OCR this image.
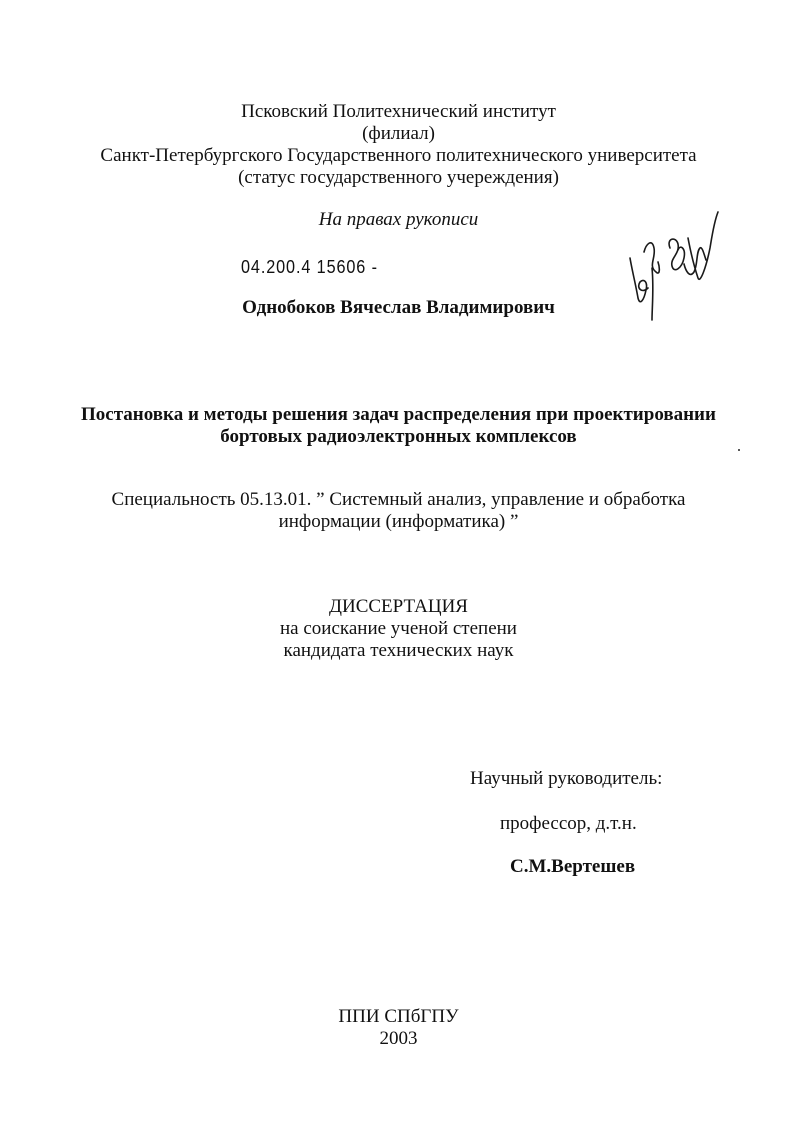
Псковский Политехнический институт
(филиал)
Санкт-Петербургского Государственного политехнического университета
(статус государственного учереждения)
На правах рукописи
04.200.4 15606 -
Однобоков Вячеслав Владимирович
Постановка и методы решения задач распределения при проектировании
бортовых радиоэлектронных комплексов
Специальность 05.13.01. ” Системный анализ, управление и обработка
информации (информатика) ”
ДИССЕРТАЦИЯ
на соискание ученой степени
кандидата технических наук
Научный руководитель:
профессор, д.т.н.
С.М.Вертешев
ППИ СПбГПУ
2003
